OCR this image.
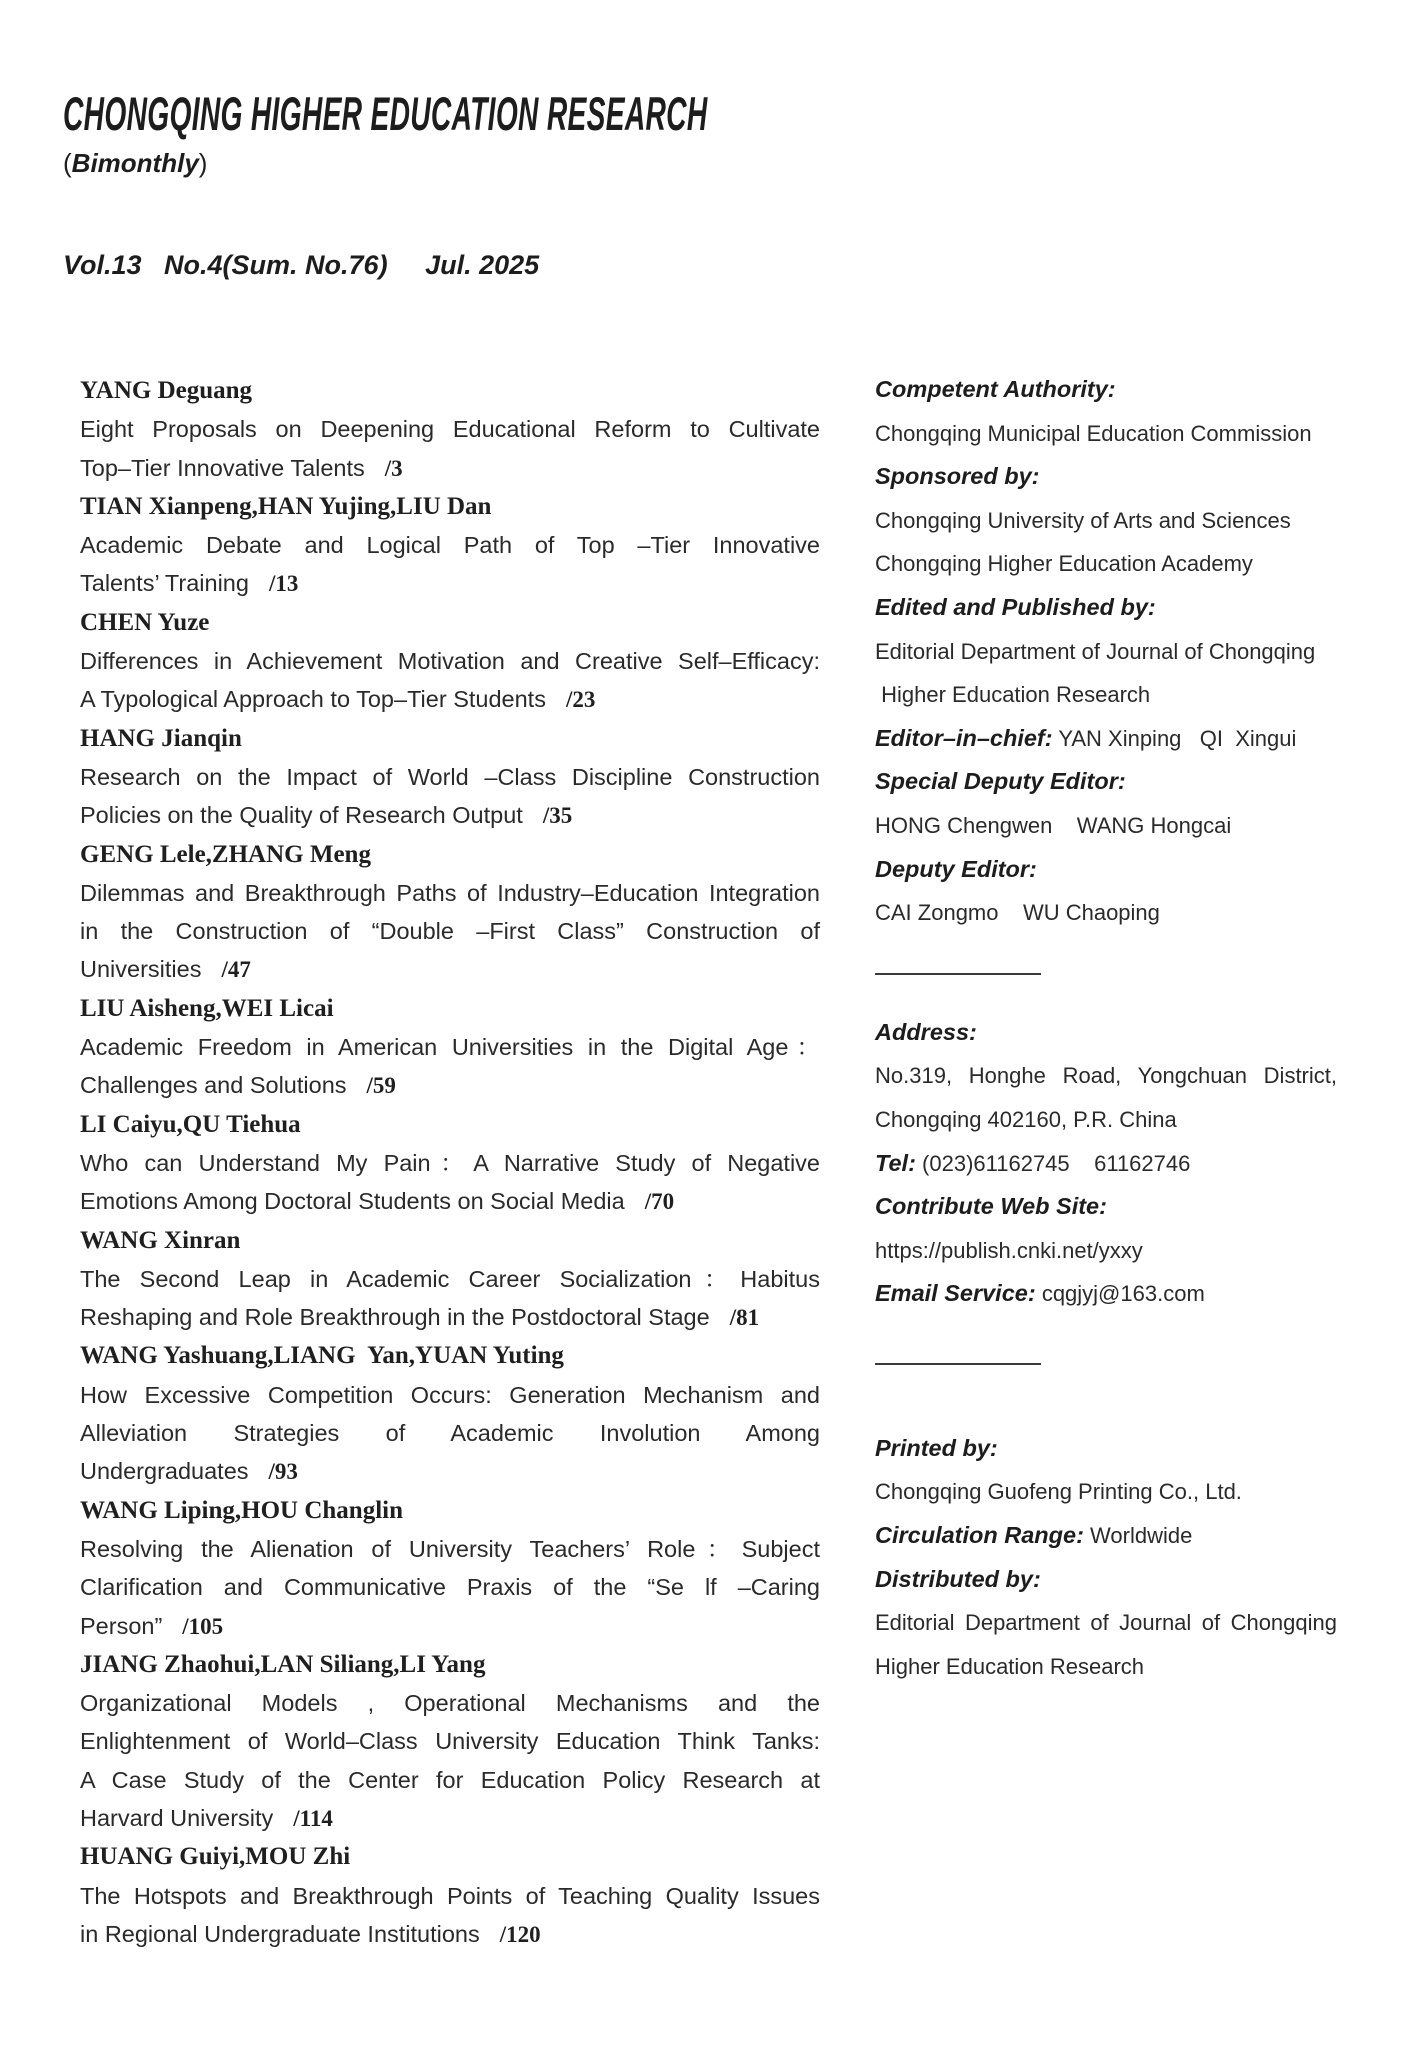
CHONGQING HIGHER EDUCATION RESEARCH
(Bimonthly)
Vol.13   No.4(Sum. No.76)     Jul. 2025
YANG Deguang
Eight Proposals on Deepening Educational Reform to Cultivate
Top–Tier Innovative Talents /3
TIAN Xianpeng,HAN Yujing,LIU Dan
Academic Debate and Logical Path of Top –Tier Innovative
Talents’ Training /13
CHEN Yuze
Differences in Achievement Motivation and Creative Self–Efficacy:
A Typological Approach to Top–Tier Students /23
HANG Jianqin
Research on the Impact of World –Class Discipline Construction
Policies on the Quality of Research Output /35
GENG Lele,ZHANG Meng
Dilemmas and Breakthrough Paths of Industry–Education Integration
in the Construction of “Double –First Class” Construction of
Universities /47
LIU Aisheng,WEI Licai
Academic Freedom in American Universities in the Digital Age：
Challenges and Solutions /59
LI Caiyu,QU Tiehua
Who can Understand My Pain：A Narrative Study of Negative
Emotions Among Doctoral Students on Social Media /70
WANG Xinran
The Second Leap in Academic Career Socialization：Habitus
Reshaping and Role Breakthrough in the Postdoctoral Stage /81
WANG Yashuang,LIANG  Yan,YUAN Yuting
How Excessive Competition Occurs: Generation Mechanism and
Alleviation Strategies of Academic Involution Among
Undergraduates /93
WANG Liping,HOU Changlin
Resolving the Alienation of University Teachers’ Role：Subject
Clarification and Communicative Praxis of the “Se lf –Caring
Person” /105
JIANG Zhaohui,LAN Siliang,LI Yang
Organizational Models , Operational Mechanisms and the
Enlightenment of World–Class University Education Think Tanks:
A Case Study of the Center for Education Policy Research at
Harvard University /114
HUANG Guiyi,MOU Zhi
The Hotspots and Breakthrough Points of Teaching Quality Issues
in Regional Undergraduate Institutions /120
Competent Authority:
Chongqing Municipal Education Commission
Sponsored by:
Chongqing University of Arts and Sciences
Chongqing Higher Education Academy
Edited and Published by:
Editorial Department of Journal of Chongqing
Higher Education Research
Editor–in–chief: YAN Xinping   QI  Xingui
Special Deputy Editor:
HONG Chengwen    WANG Hongcai
Deputy Editor:
CAI Zongmo    WU Chaoping
Address:
No.319, Honghe Road, Yongchuan District,
Chongqing 402160, P.R. China
Tel: (023)61162745    61162746
Contribute Web Site:
https://publish.cnki.net/yxxy
Email Service: cqgjyj@163.com
Printed by:
Chongqing Guofeng Printing Co., Ltd.
Circulation Range: Worldwide
Distributed by:
Editorial Department of Journal of Chongqing
Higher Education Research
